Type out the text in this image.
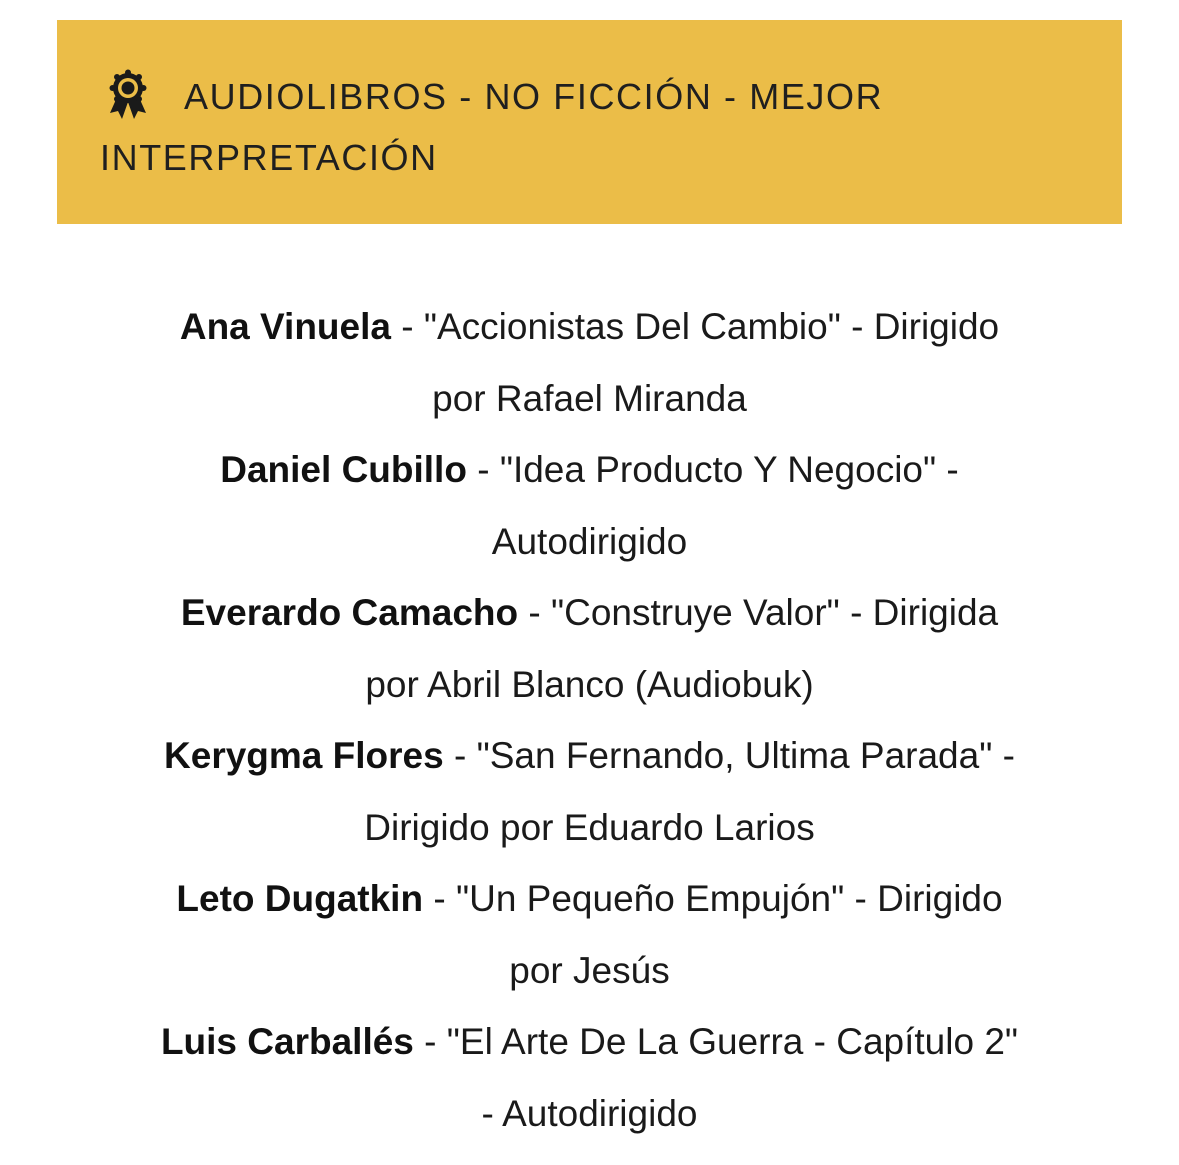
AUDIOLIBROS - NO FICCIÓN - MEJOR INTERPRETACIÓN
Ana Vinuela - "Accionistas Del Cambio" - Dirigido por Rafael Miranda
Daniel Cubillo - "Idea Producto Y Negocio" - Autodirigido
Everardo Camacho - "Construye Valor" - Dirigida por Abril Blanco (Audiobuk)
Kerygma Flores - "San Fernando, Ultima Parada" - Dirigido por Eduardo Larios
Leto Dugatkin - "Un Pequeño Empujón" - Dirigido por Jesús
Luis Carballés - "El Arte De La Guerra - Capítulo 2" - Autodirigido
